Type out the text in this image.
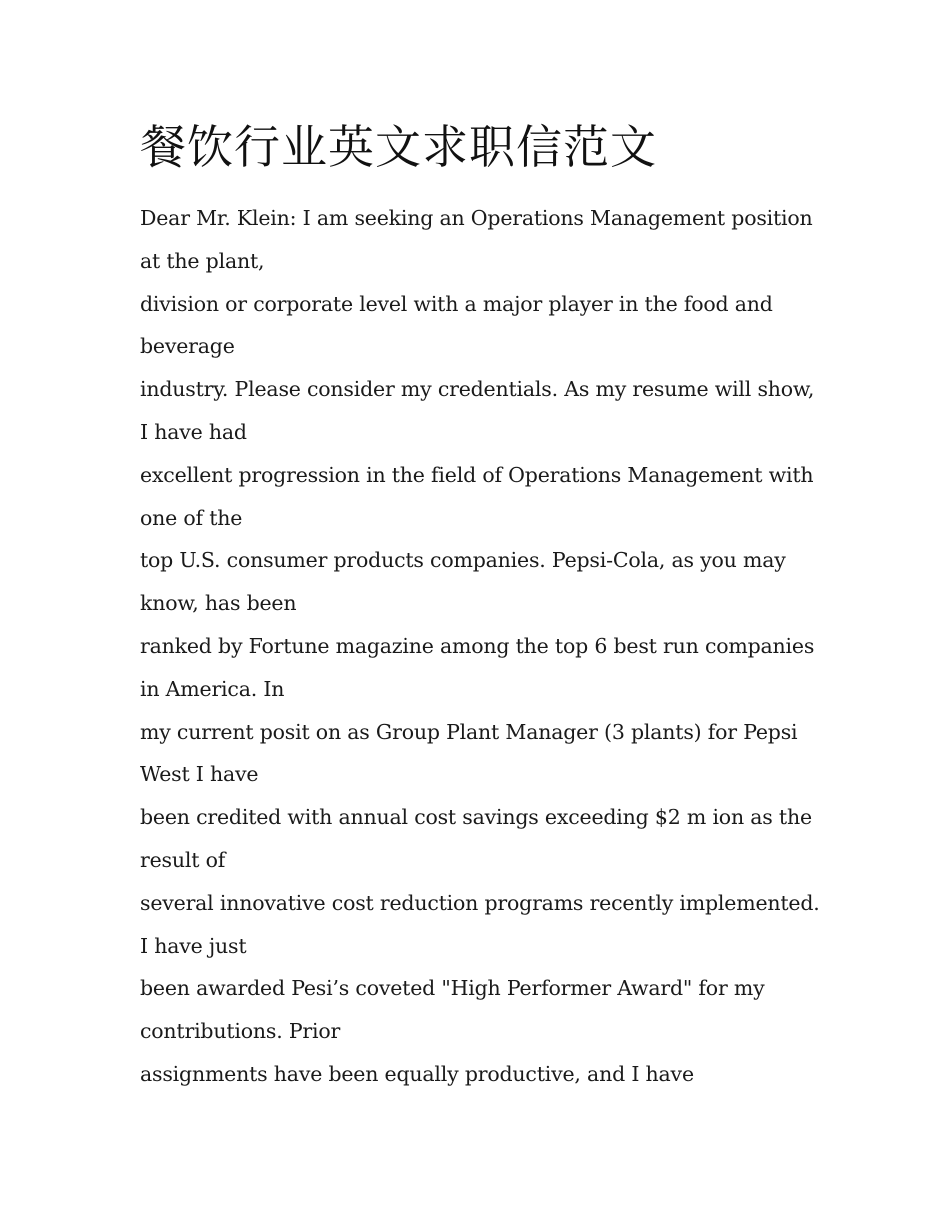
餐饮行业英文求职信范文
Dear Mr. Klein: I am seeking an Operations Management position
at the plant,
division or corporate level with a major player in the food and
beverage
industry. Please consider my credentials. As my resume will show,
I have had
excellent progression in the field of Operations Management with
one of the
top U.S. consumer products companies. Pepsi-Cola, as you may
know, has been
ranked by Fortune magazine among the top 6 best run companies
in America. In
my current posit on as Group Plant Manager (3 plants) for Pepsi
West I have
been credited with annual cost savings exceeding $2 m ion as the
result of
several innovative cost reduction programs recently implemented.
I have just
been awarded Pesi’s coveted "High Performer Award" for my
contributions. Prior
assignments have been equally productive, and I have
